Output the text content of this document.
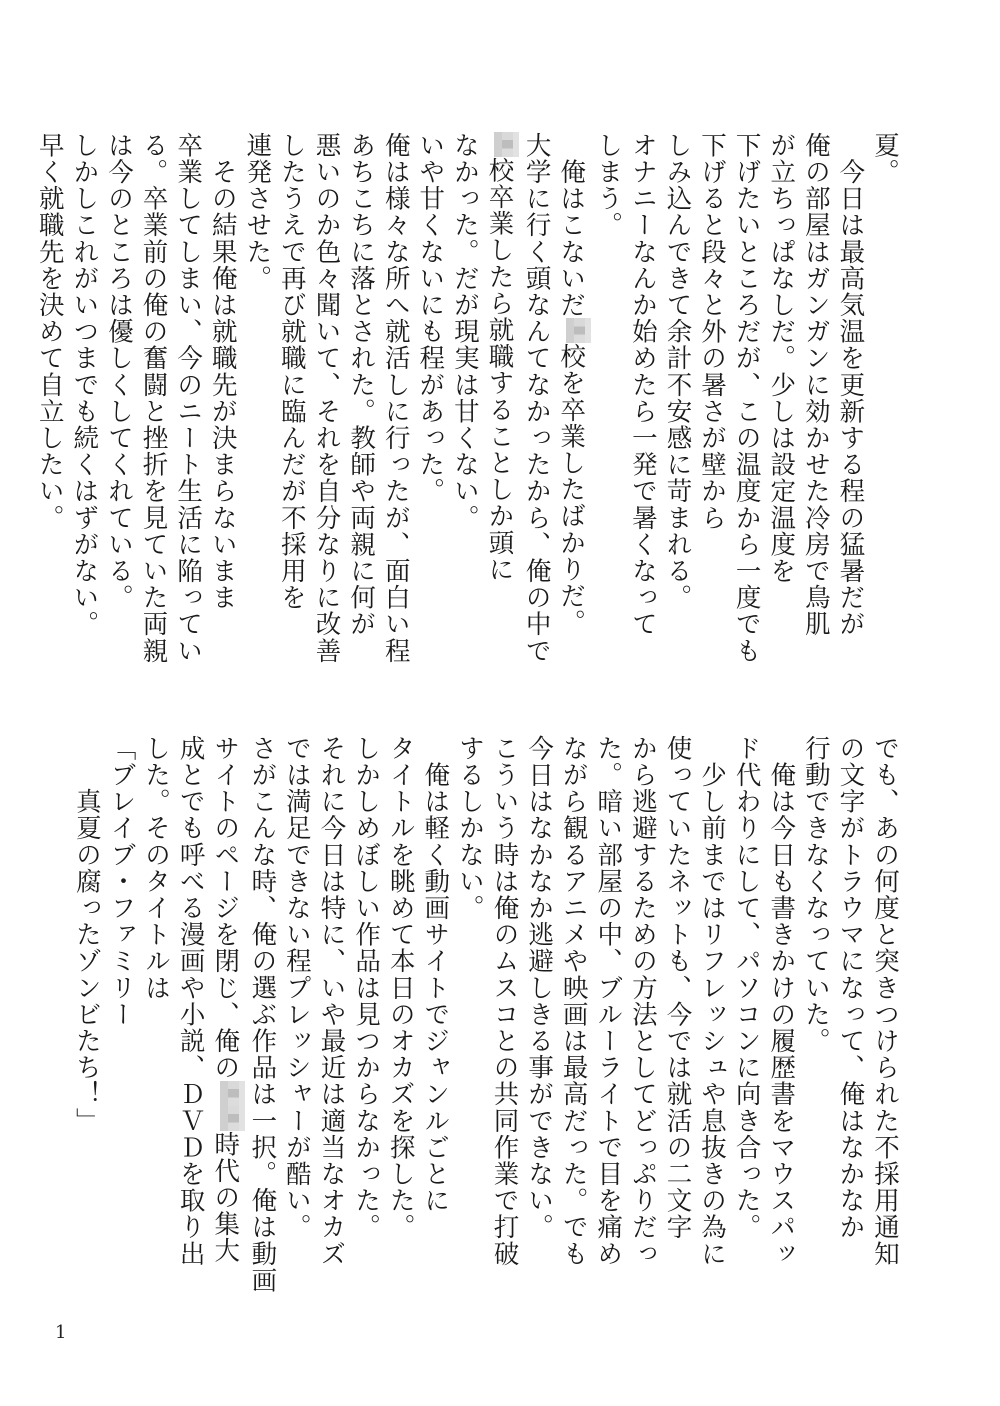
夏。
　今日は最高気温を更新する程の猛暑だが
俺の部屋はガンガンに効かせた冷房で鳥肌
が立ちっぱなしだ。少しは設定温度を
下げたいところだが、この温度から一度でも
下げると段々と外の暑さが壁から
しみ込んできて余計不安感に苛まれる。
オナニーなんか始めたら一発で暑くなって
しまう。
　俺はこないだ校を卒業したばかりだ。
大学に行く頭なんてなかったから、俺の中で
校卒業したら就職することしか頭に
なかった。だが現実は甘くない。
いや甘くないにも程があった。
俺は様々な所へ就活しに行ったが、面白い程
あちこちに落とされた。教師や両親に何が
悪いのか色々聞いて、それを自分なりに改善
したうえで再び就職に臨んだが不採用を
連発させた。
　その結果俺は就職先が決まらないまま
卒業してしまい、今のニート生活に陥ってい
る。卒業前の俺の奮闘と挫折を見ていた両親
は今のところは優しくしてくれている。
しかしこれがいつまでも続くはずがない。
早く就職先を決めて自立したい。
でも、あの何度と突きつけられた不採用通知
の文字がトラウマになって、俺はなかなか
行動できなくなっていた。
　俺は今日も書きかけの履歴書をマウスパッ
ド代わりにして、パソコンに向き合った。
　少し前まではリフレッシュや息抜きの為に
使っていたネットも、今では就活の二文字
から逃避するための方法としてどっぷりだっ
た。暗い部屋の中、ブルーライトで目を痛め
ながら観るアニメや映画は最高だった。でも
今日はなかなか逃避しきる事ができない。
こういう時は俺のムスコとの共同作業で打破
するしかない。
　俺は軽く動画サイトでジャンルごとに
タイトルを眺めて本日のオカズを探した。
しかしめぼしい作品は見つからなかった。
それに今日は特に、いや最近は適当なオカズ
では満足できない程プレッシャーが酷い。
さがこんな時、俺の選ぶ作品は一択。俺は動画
サイトのページを閉じ、俺の時代の集大
成とでも呼べる漫画や小説、ＤＶＤを取り出
した。そのタイトルは
「ブレイブ・ファミリー
　　真夏の腐ったゾンビたち！」
1
